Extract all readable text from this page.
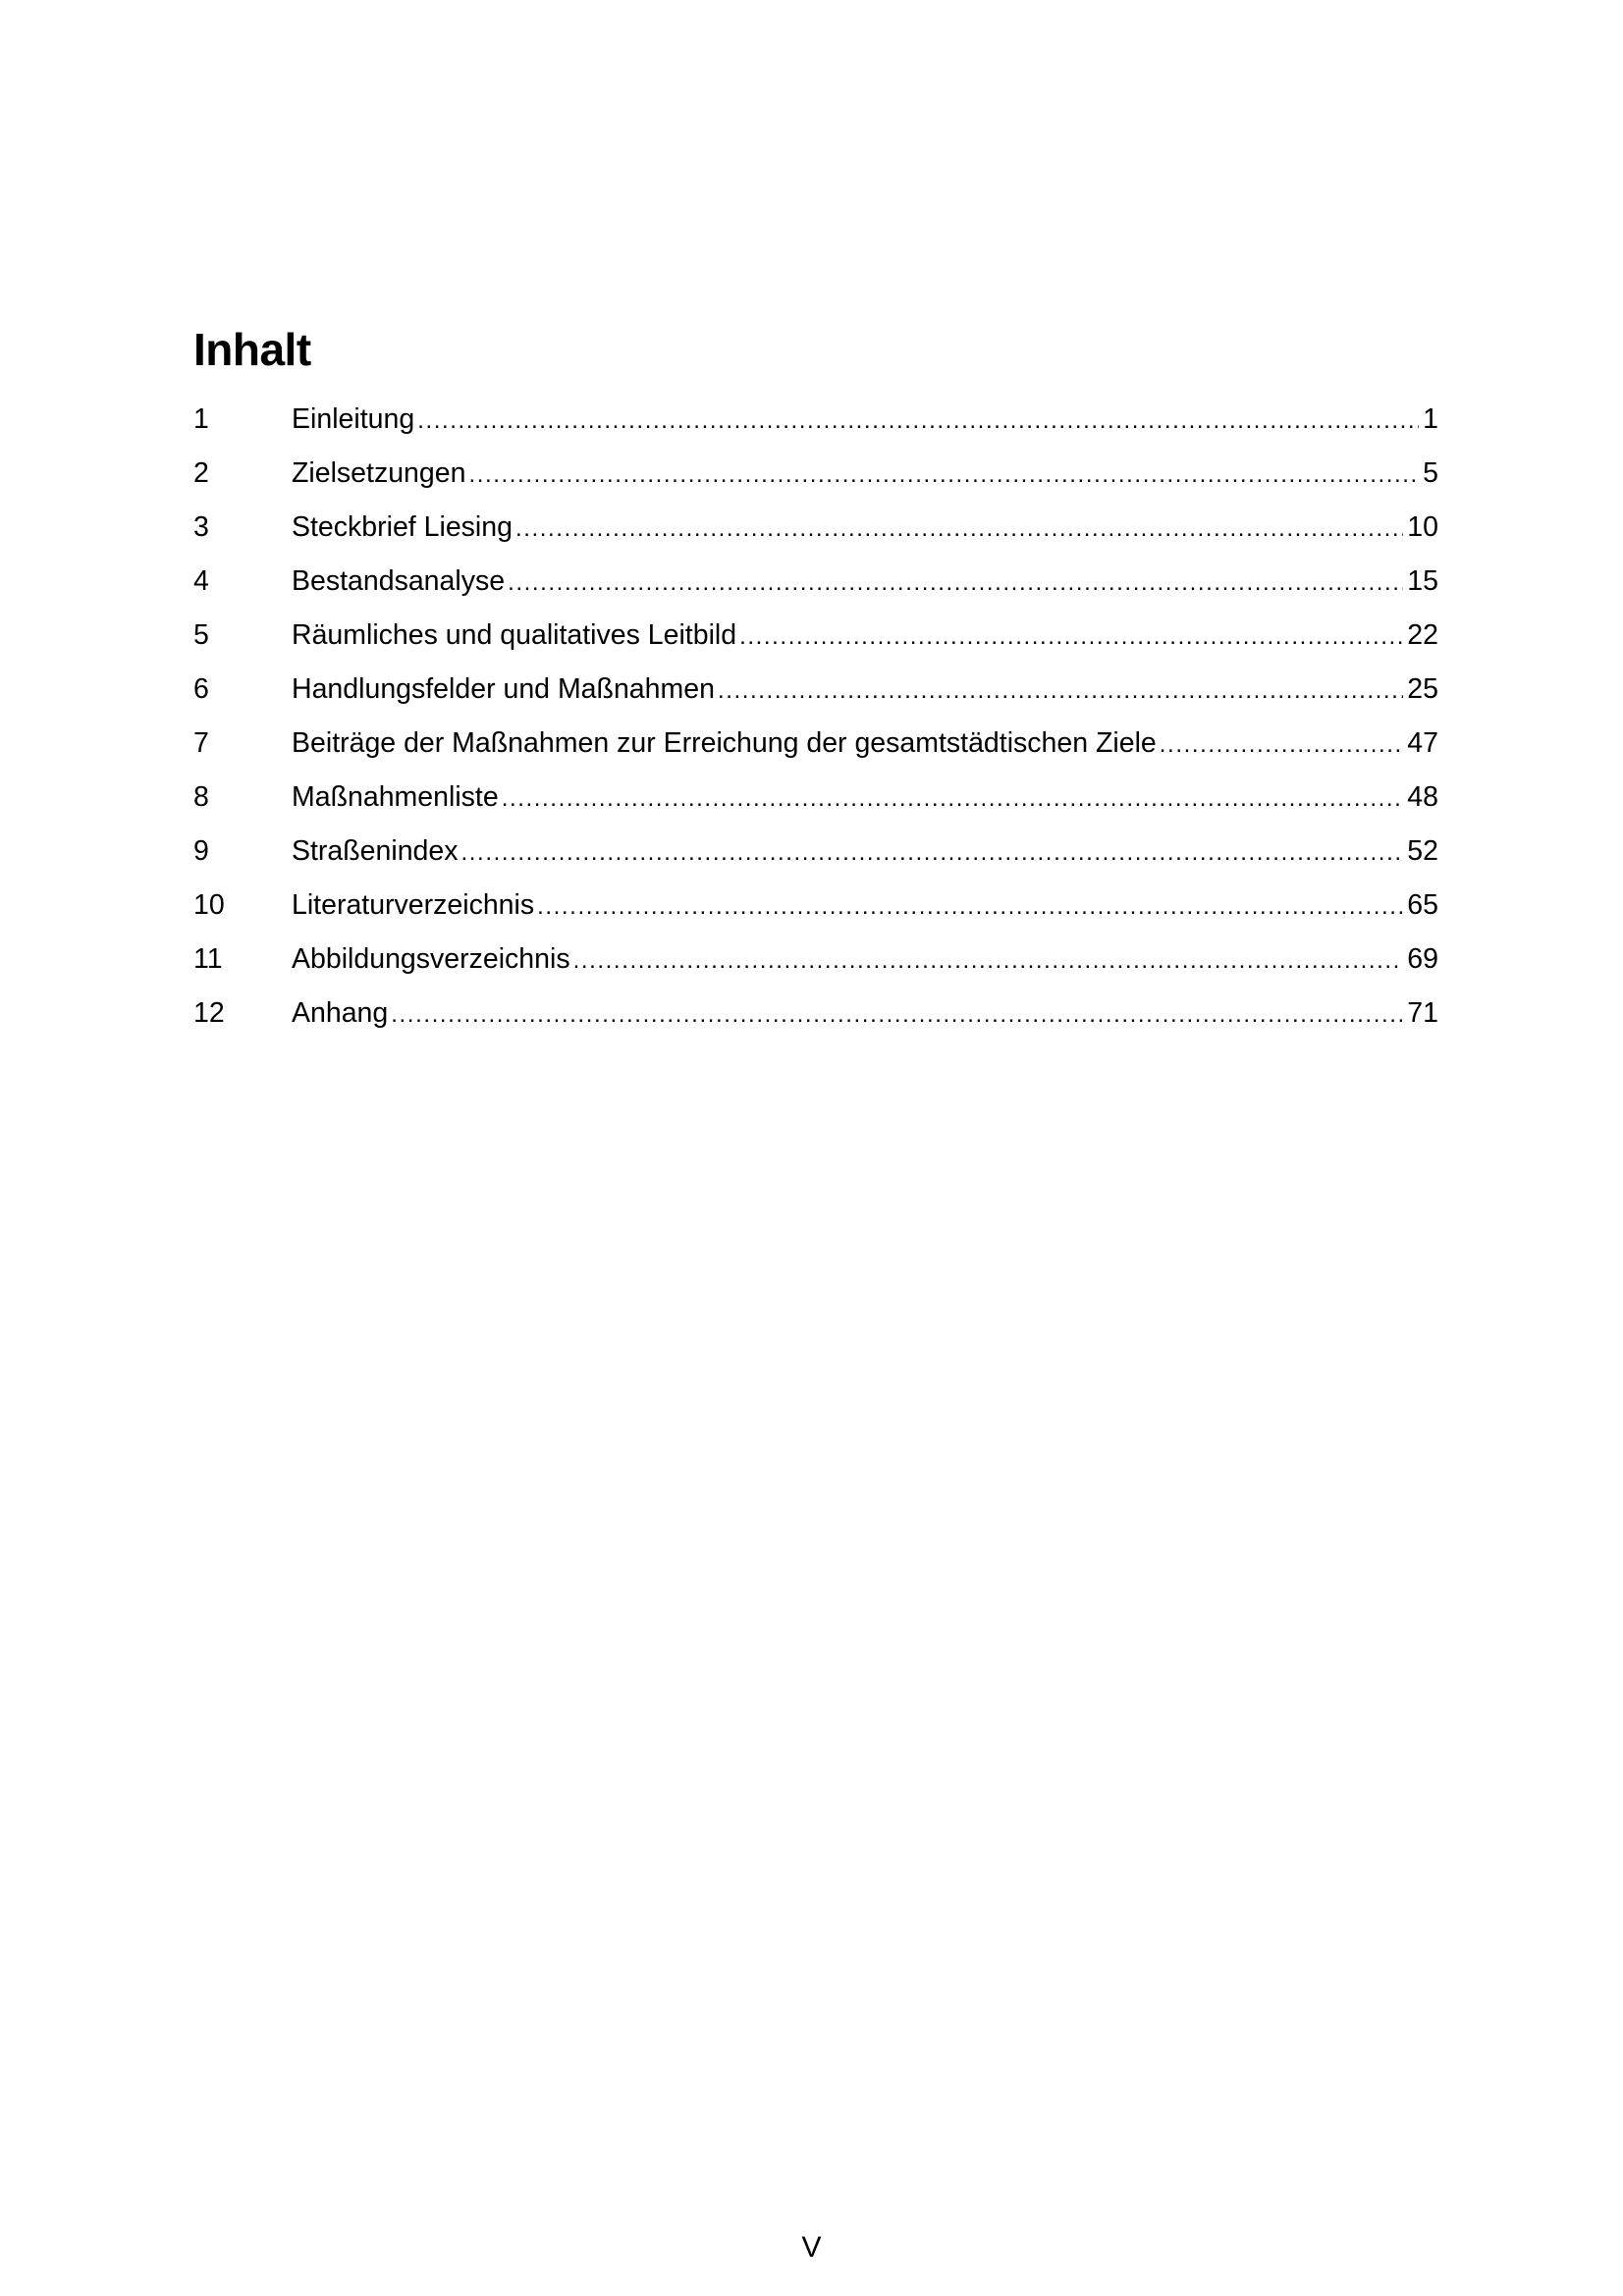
Inhalt
1	Einleitung .....	1
2	Zielsetzungen .....	5
3	Steckbrief Liesing .....	10
4	Bestandsanalyse .....	15
5	Räumliches und qualitatives Leitbild .....	22
6	Handlungsfelder und Maßnahmen .....	25
7	Beiträge der Maßnahmen zur Erreichung der gesamtstädtischen Ziele .....	47
8	Maßnahmenliste .....	48
9	Straßenindex .....	52
10	Literaturverzeichnis .....	65
11	Abbildungsverzeichnis .....	69
12	Anhang .....	71
V
